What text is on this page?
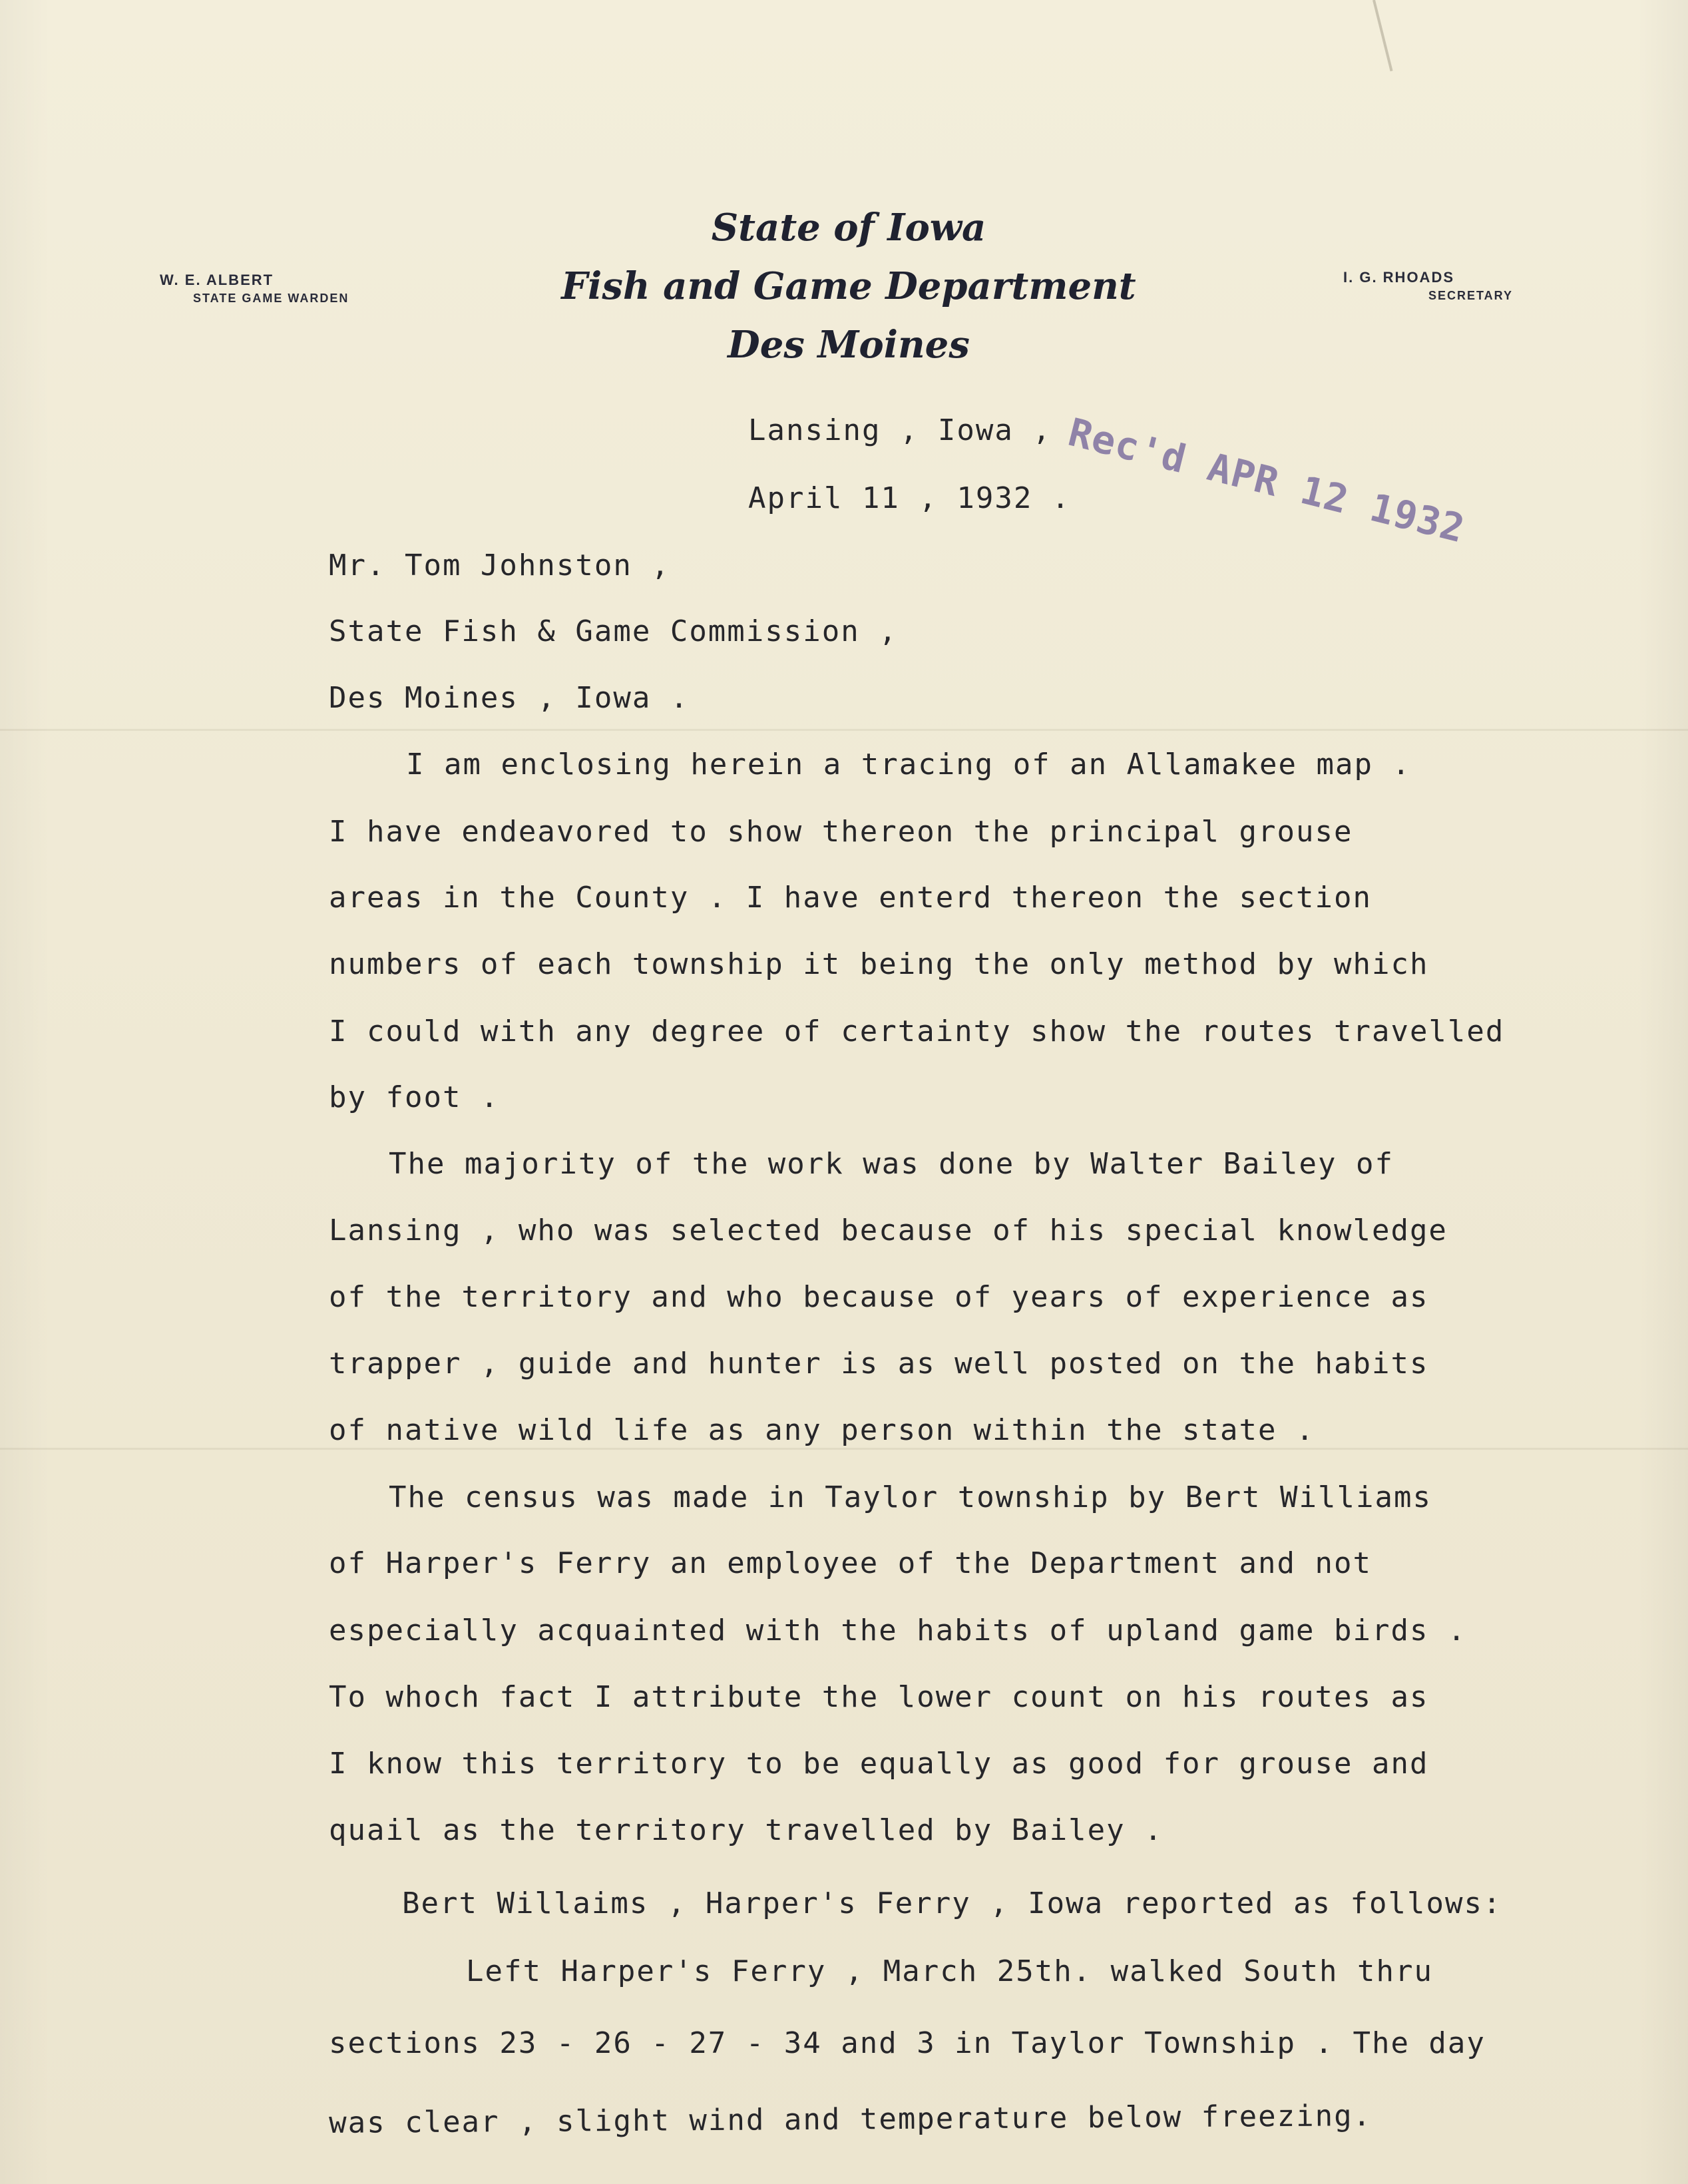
W. E. ALBERT
STATE GAME WARDEN
State of Iowa
Fish and Game Department
Des Moines
I. G. RHOADS
SECRETARY
Lansing , Iowa ,
April 11 , 1932 .
Rec'd APR 12 1932
Mr. Tom Johnston ,
State Fish & Game Commission ,
Des Moines , Iowa .
I am enclosing herein a tracing of an Allamakee map .
I have endeavored to show thereon the principal grouse
areas in the County . I have enterd thereon the section
numbers of each township it being the only method by which
I could with any degree of certainty show the routes travelled
by foot .
The majority of the work was done by Walter Bailey of
Lansing , who was selected because of his special knowledge
of the territory and who because of years of experience as
trapper , guide and hunter is as well posted on the habits
of native wild life as any person within the state .
The census was made in Taylor township by Bert Williams
of Harper's Ferry an employee of the Department and not
especially acquainted with the habits of upland game birds .
To whoch fact I attribute the lower count on his routes as
I know this territory to be equally as good for grouse and
quail as the territory travelled by Bailey .
Bert Willaims , Harper's Ferry , Iowa reported as follows:
Left Harper's Ferry , March 25th. walked South thru
sections 23 - 26 - 27 - 34 and 3 in Taylor Township . The day
was clear , slight wind and temperature below freezing.
